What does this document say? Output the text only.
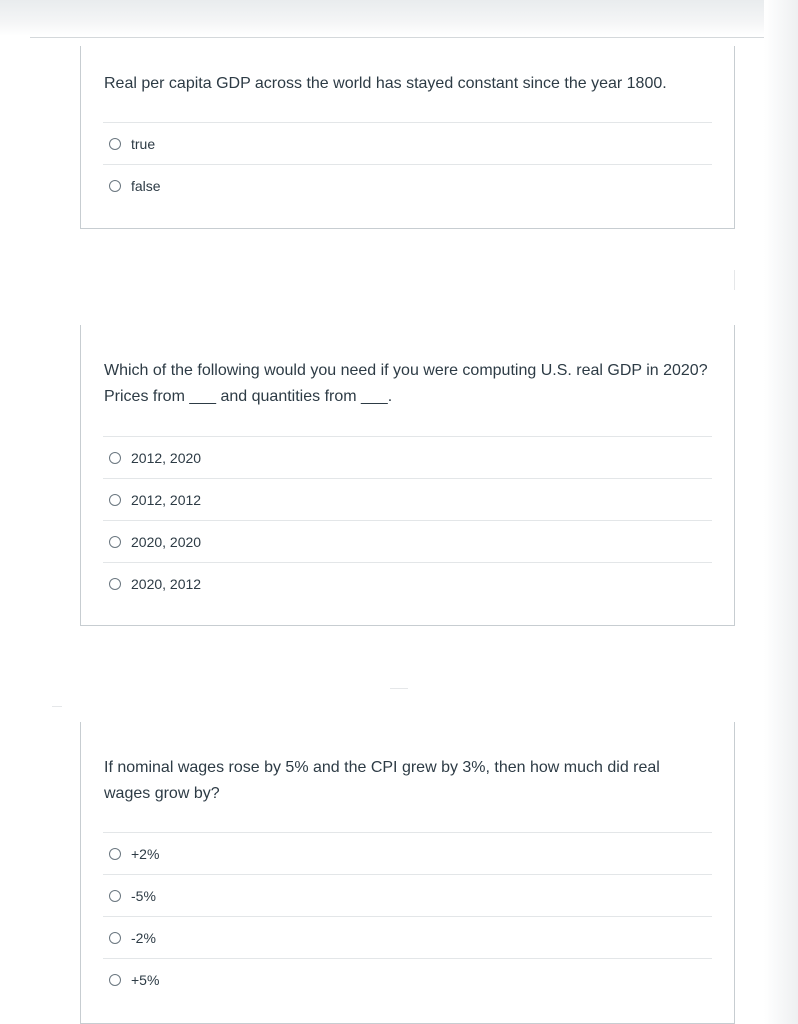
Real per capita GDP across the world has stayed constant since the year 1800.
true
false
Which of the following would you need if you were computing U.S. real GDP in 2020? Prices from ___ and quantities from ___.
2012, 2020
2012, 2012
2020, 2020
2020, 2012
If nominal wages rose by 5% and the CPI grew by 3%, then how much did real wages grow by?
+2%
-5%
-2%
+5%
